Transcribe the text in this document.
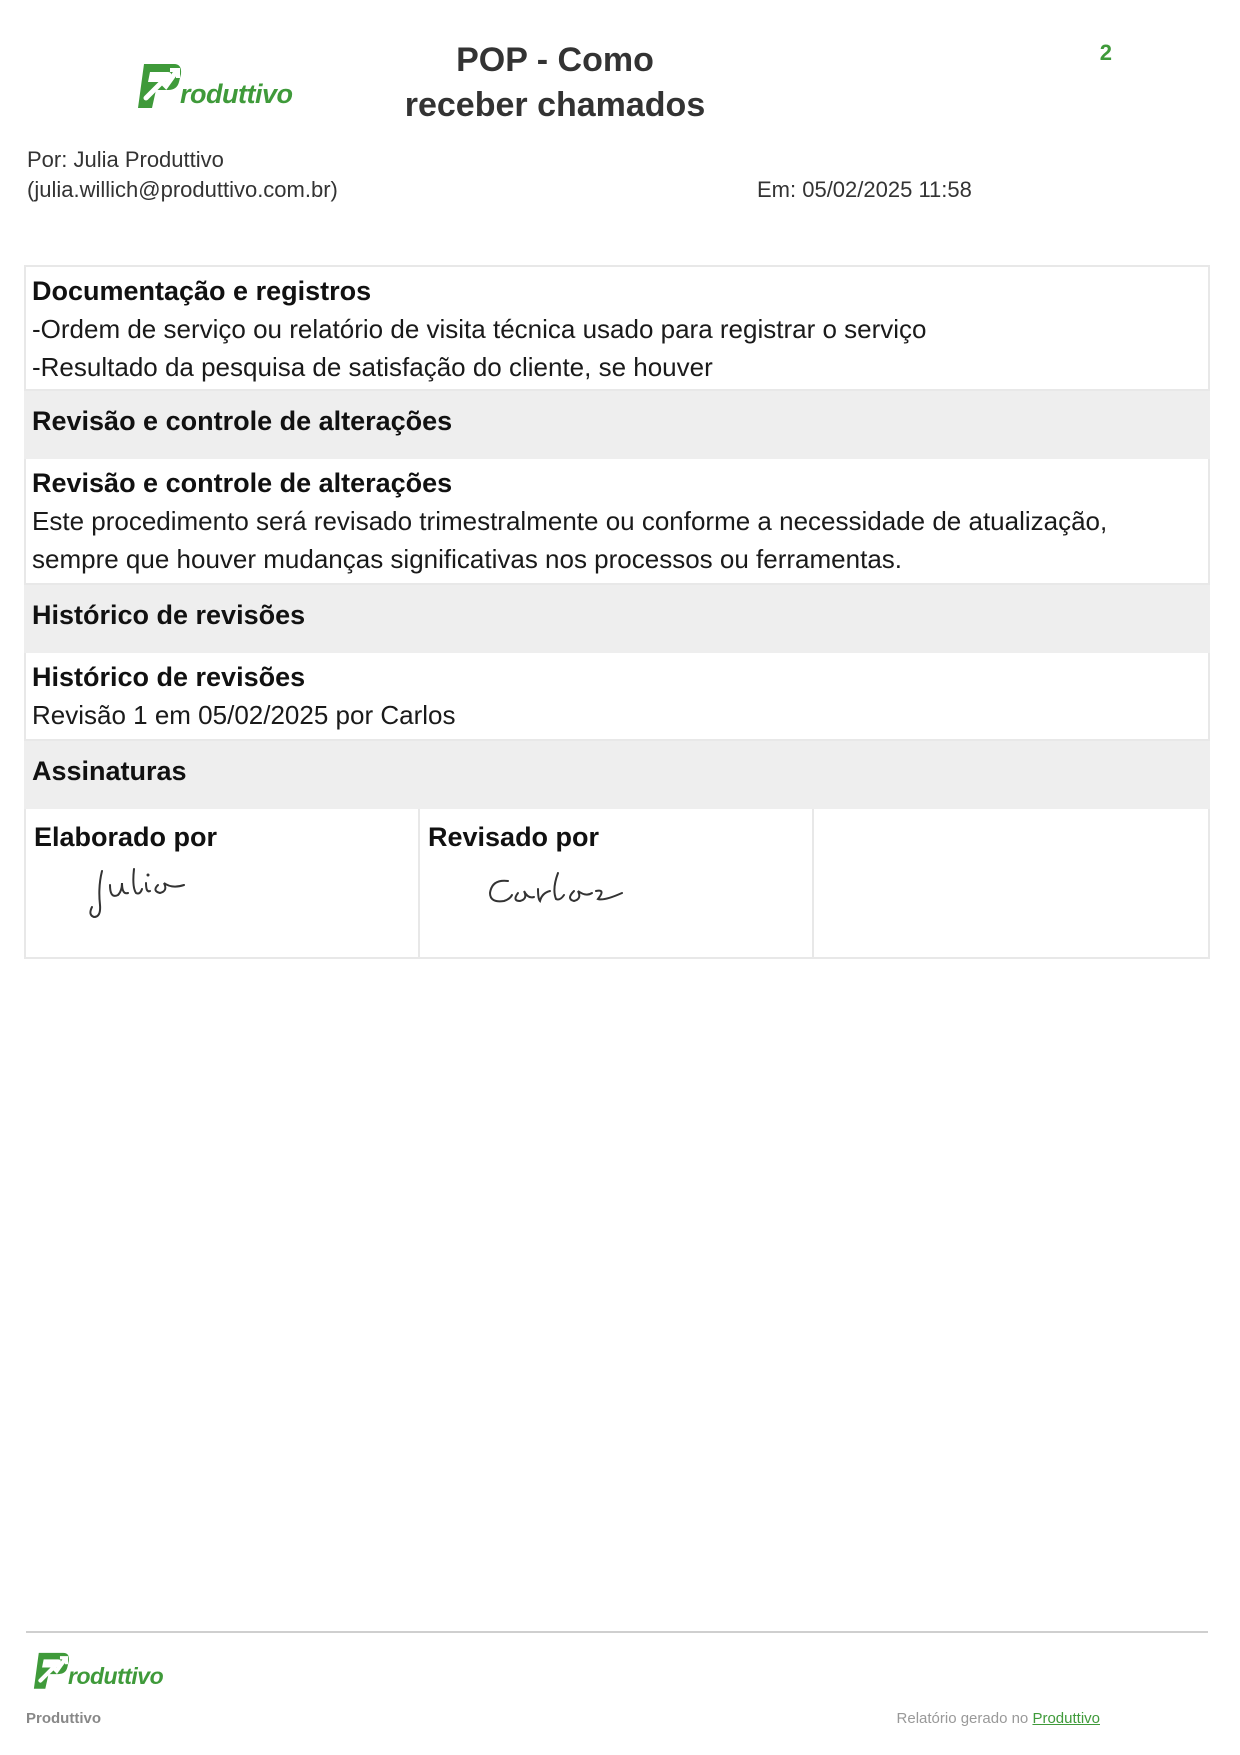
roduttivo
POP - Como
receber chamados
2
Por: Julia Produttivo
(julia.willich@produttivo.com.br)	Em: 05/02/2025 11:58
Documentação e registros
-Ordem de serviço ou relatório de visita técnica usado para registrar o serviço
-Resultado da pesquisa de satisfação do cliente, se houver
Revisão e controle de alterações
Revisão e controle de alterações
Este procedimento será revisado trimestralmente ou conforme a necessidade de atualização,
sempre que houver mudanças significativas nos processos ou ferramentas.
Histórico de revisões
Histórico de revisões
Revisão 1 em 05/02/2025 por Carlos
Assinaturas
Elaborado por	Revisado por
roduttivo
Produttivo	Relatório gerado no Produttivo
